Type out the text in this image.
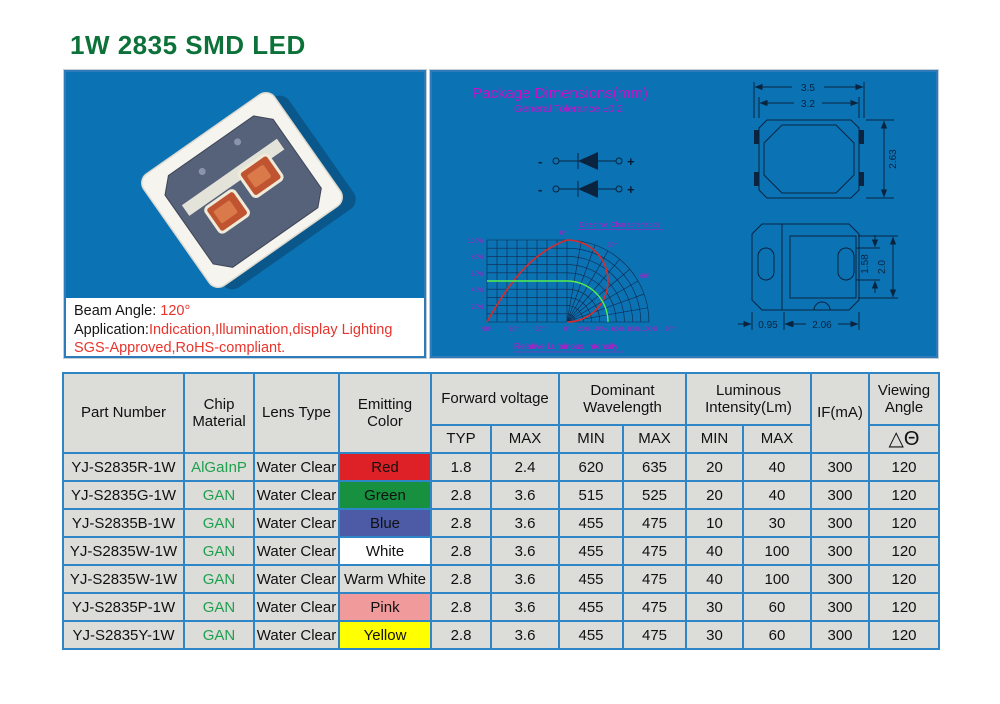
1W 2835 SMD LED
Beam Angle: 120°
Application:Indication,Illumination,display Lighting
SGS-Approved,RoHS-compliant.
Package Dimensions(mm)
General Tolerance ±0.2
-	+
-	+
Directive Characteristics
100%
80%
60%
40%
20%
90°	60° 30°	0° 20% 40% 60% 80% 100% 90°
0°
30°
60°
Relative Luminous Intensity
3.5
3.2
2.63
0.95	2.06
1.58 2.0
Part Number	Chip Material	Lens Type	Emitting Color	Forward voltage		Dominant Wavelength		Luminous Intensity(Lm)		IF(mA)	Viewing Angle
				TYP	MAX	MIN	MAX	MIN	MAX		△Θ
YJ-S2835R-1W	AlGaInP	Water Clear	Red	1.8	2.4	620	635	20	40	300	120
YJ-S2835G-1W	GAN	Water Clear	Green	2.8	3.6	515	525	20	40	300	120
YJ-S2835B-1W	GAN	Water Clear	Blue	2.8	3.6	455	475	10	30	300	120
YJ-S2835W-1W	GAN	Water Clear	White	2.8	3.6	455	475	40	100	300	120
YJ-S2835W-1W	GAN	Water Clear	Warm White	2.8	3.6	455	475	40	100	300	120
YJ-S2835P-1W	GAN	Water Clear	Pink	2.8	3.6	455	475	30	60	300	120
YJ-S2835Y-1W	GAN	Water Clear	Yellow	2.8	3.6	455	475	30	60	300	120
